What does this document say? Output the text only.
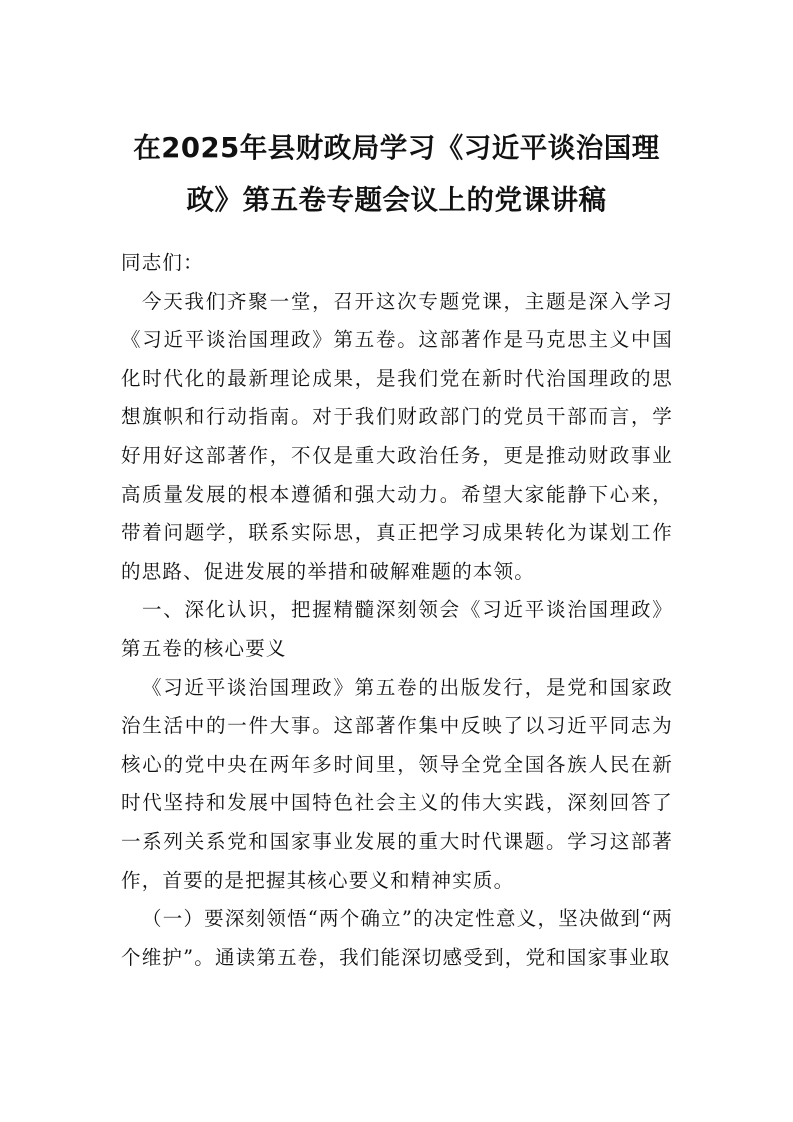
在2025年县财政局学习《习近平谈治国理
政》第五卷专题会议上的党课讲稿

同志们：

今天我们齐聚一堂，召开这次专题党课，主题是深入学习《习近平谈治国理政》第五卷。这部著作是马克思主义中国化时代化的最新理论成果，是我们党在新时代治国理政的思想旗帜和行动指南。对于我们财政部门的党员干部而言，学好用好这部著作，不仅是重大政治任务，更是推动财政事业高质量发展的根本遵循和强大动力。希望大家能静下心来，带着问题学，联系实际思，真正把学习成果转化为谋划工作的思路、促进发展的举措和破解难题的本领。

一、深化认识，把握精髓深刻领会《习近平谈治国理政》第五卷的核心要义

《习近平谈治国理政》第五卷的出版发行，是党和国家政治生活中的一件大事。这部著作集中反映了以习近平同志为核心的党中央在两年多时间里，领导全党全国各族人民在新时代坚持和发展中国特色社会主义的伟大实践，深刻回答了一系列关系党和国家事业发展的重大时代课题。学习这部著作，首要的是把握其核心要义和精神实质。

（一）要深刻领悟“两个确立”的决定性意义，坚决做到“两个维护”。通读第五卷，我们能深切感受到，党和国家事业取
